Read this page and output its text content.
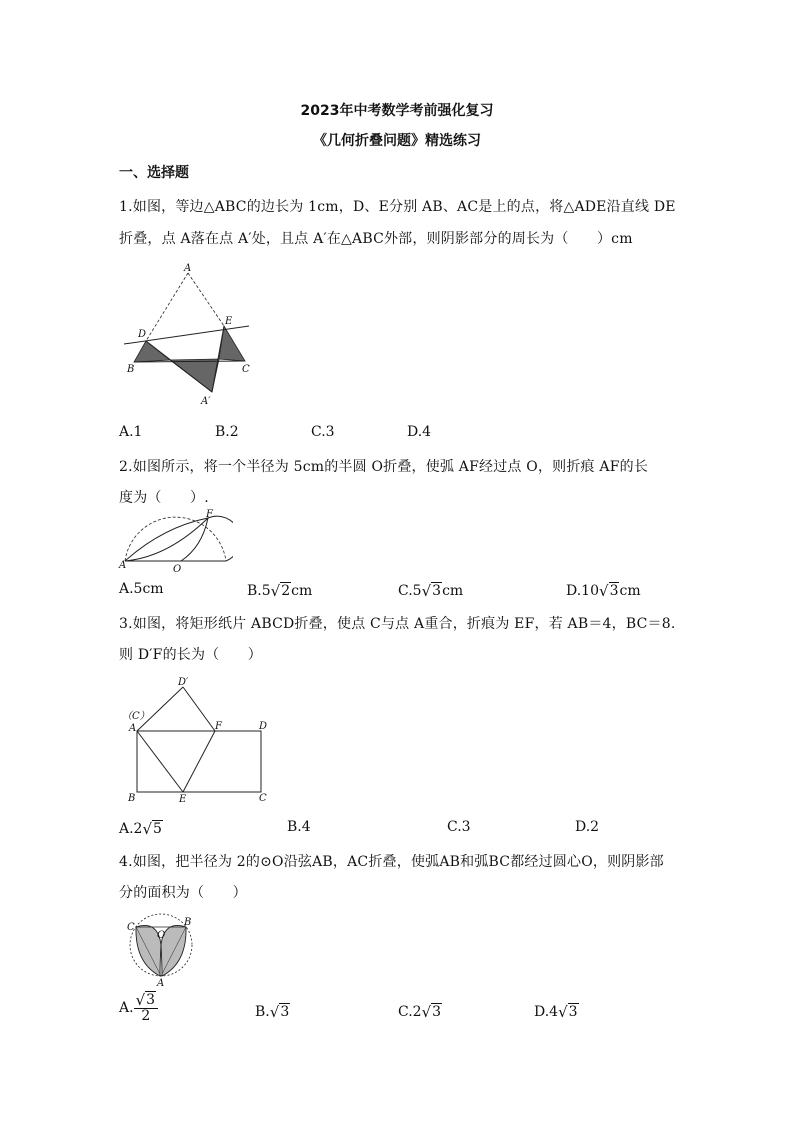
2023年中考数学考前强化复习
《几何折叠问题》精选练习
一、选择题
1.如图，等边△ABC的边长为 1cm，D、E分别 AB、AC是上的点，将△ADE沿直线 DE
折叠，点 A落在点 A′处，且点 A′在△ABC外部，则阴影部分的周长为（　　）cm
A
D
E
B	C
A′
A.1	B.2	C.3	D.4
2.如图所示，将一个半径为 5cm的半圆 O折叠，使弧 AF经过点 O，则折痕 AF的长
度为（　　）.
A	O
F
A.5cm	B.5√2cm	C.5√3cm	D.10√3cm
3.如图，将矩形纸片 ABCD折叠，使点 C与点 A重合，折痕为 EF，若 AB＝4，BC＝8.
则 D′F的长为（　　）
D′
（C）
A	F	D
B	E	C
A.2√5	B.4	C.3	D.2
4.如图，把半径为 2的⊙O沿弦AB，AC折叠，使弧AB和弧BC都经过圆心O，则阴影部
分的面积为（　　）
C	B
O
A
A. $\frac{√3}{2}$	B.√3	C.2√3	D.4√3
